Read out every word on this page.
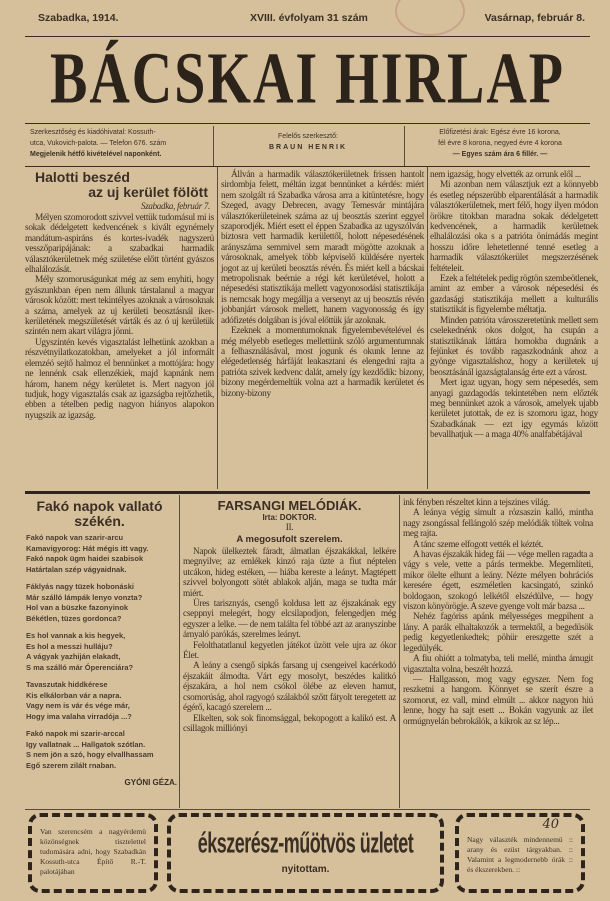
Szabadka, 1914.	XVIII. évfolyam 31 szám	Vasárnap, február 8.
BÁCSKAI HIRLAP
Szerkesztőség és kiadóhivatal: Kossuth-
utca, Vukovich-palota. — Telefon 676. szám
Megjelenik hétfő kivételével naponként.
Felelős szerkesztő:
BRAUN HENRIK
Előfizetési árak: Egész évre 16 korona,
fél évre 8 korona, negyed évre 4 korona
— Egyes szám ára 6 fillér. —
Halotti beszéd
az uj kerület fölött
Szabadka, február 7.

Mélyen szomorodott szivvel vettük tudomásul mi is sokak dédelgetett kedvencének s kivált egynémely mandátum-aspiráns és kortes-ivadék nagyszerü vesszőparipájának: a szabadkai harmadik választókerületnek még születése előtt történt gyászos elhalálozását.

Mély szomoruságunkat még az sem enyhiti, hogy gyászunkban épen nem állunk társtalanul a magyar városok között: mert tekintélyes azoknak a városoknak a száma, amelyek az uj kerületi beosztásnál iker-kerületének megszületését várták és az ó uj kerületük szintén nem akart világra jönni.

Ugyszintén kevés vigasztalást lelhetünk azokban a részvétnyilatkozatokban, amelyeket a jól informált elemzéó sejtő halmoz el bennünket a mottójára: hogy ne lennénk csak ellenzékiek, majd kapnánk nem három, hanem négy kerületet is. Mert nagyon jól tudjuk, hogy vigasztalás csak az igazságba rejtőzhetik, ebben a tételben pedig nagyon hiányos alapokon nyugszik az igazság.

Állván a harmadik választókerületnek frissen hantolt sirdombja felett, méltán izgat bennünket a kérdés: miért nem szolgált rá Szabadka városa arra a kitüntetésre, hogy Szeged, avagy Debrecen, avagy Temesvár mintájára választókerületeinek száma az uj beosztás szerint eggyel szaporodjék. Miért esett el éppen Szabadka az ugyszólván biztosra vett harmadik kerülettől, holott népesedésének arányszáma semmivel sem maradt mögötte azoknak a városoknak, amelyek több képviselő küldésére nyertek jogot az uj kerületi beosztás révén. És miért kell a bácskai metropolisnak beérnie a régi két kerületével, holott a népesedési statisztikája mellett vagyonosodási statisztikája is nemcsak hogy megállja a versenyt az uj beosztás révén jobbanjárt városok mellett, hanem vagyonosság és így adófizetés dolgában is jóval előttük jár azoknak.

Ezeknek a momentumoknak figyelembevételével és még mélyebb esetleges mellettünk szóló argumentumnak a felhasználásával, most jogunk és okunk lenne az elégedetlenség hárfáját leakasztani és elengedni rajta a patrióta szivek kedvenc dalát, amely így kezdődik: bizony, bizony megérdemeltük volna azt a harmadik kerületet és bizony-bizony

nem igazság, hogy elvették az orrunk elől ...

Mi azonban nem választjuk ezt a könnyebb és esetleg népszerübb elparentálását a harmadik választókerületnek, mert félő, hogy ilyen módon örökre titokban maradna sokak dédelgetett kedvencének, a harmadik kerületnek elhalálozási oka s a patrióta önimádás megint hosszu időre lehetetlenné tenné esetleg a harmadik választókerület megszerzésének feltételeit.

Ezek a feltételek pedig rögtön szembeötlenek, amint az ember a városok népesedési és gazdasági statisztikája mellett a kulturális statisztikát is figyelembe méltatja.

Minden patrióta városszeretetünk mellett sem cselekednénk okos dolgot, ha csupán a statisztikának láttára homokba dugnánk a fejünket és tovább ragaszkodnánk ahoz a gyönge vigasztaláshoz, hogy a kerületek uj beosztásánál igazságtalanság érte ezt a várost.

Mert igaz ugyan, hogy sem népesedés, sem anyagi gazdagodás tekintetében nem előzték meg bennünket azok a városok, amelyek ujabb kerületet jutottak, de ez is szomoru igaz, hogy Szabadkának — ezt igy egymás között bevallhatjuk — a maga 40% analfabétájával

Fakó napok vallató székén.
Fakó napok van szarir-arcu
Kamavigyorog: Hát mégis itt vagy.
Fakó napok ügm haidei szabisok
Határtalan szép vágyaidnak.
Fáklyás nagy tüzek hobonáski
Már szálló lámpák lenyo vonzta?
Hol van a büszke fazonyinok
Békétlen, tüzes gordonca?
Es hol vannak a kis hegyek,
Es hol a messzi hulláju?
A vágyak yazhiján elakadt,
S ma szálló már Óperenciára?
Tavaszutak hiddkérese
Kis elkálorban vár a napra.
Vagy nem is vár és vége már,
Hogy ima valaha virradója ...?
Fakó napok mi szarir-arccal
Igy vallatnak ... Hallgatok szótlan.
S nem jön a szó, hogy elvallhassam
Egő szerem zilált rnaban.
GYÓNI GÉZA.
FARSANGI MELÓDIÁK.
Irta: DOKTOR.
II.
A megosufolt szerelem.

Napok ülelkeztek fáradt, álmatlan éjszakákkal, lelkére megnyilve; az emlékek kinzó raja üzte a fiut néptelen utcákon, hideg estéken, — hiába kereste a leányt. Magtépett szivvel bolyongott sötét ablakok alján, maga se tudta már miért.

Üres tarisznyás, csengő koldusa lett az éjszakának egy cseppnyi melegért, hogy elcsilapodjon, felengedjen még egyszer a lelke. — de nem találta fel többé azt az aranyszinbe árnyaló parókás, szerelmes leányt.

Felolthatatlanul kegyetlen játékot üzött vele ujra az ókor Élet.

A leány a csengő sipkás farsang uj csengeivel kacérkodó éjszakáit álmodta. Várt egy mosolyt, beszédes kalitkó éjszakára, a hol nem csókol ölébe az eleven hamut, csomorúság, ahol ragyogó szálakból szőtt fátyolt teregetett az égérő, kacagó szerelem ...

Elkelten, sok sok finomsággal, bekopogott a kalikó est. A csillagok milliónyi

ink fényben részeltet kinn a tejszines világ.

A leánya végig simult a rózsaszin kalló, mintha nagy zsongással fellángoló szép melódiák töltek volna meg rajta.

A tánc szeme elfogott vették el kéztét.

A havas éjszakák hideg fái — vége mellen ragadta a vágy s vele, vette a párás termekbe. Megemlíteti, mikor ölelte elhunt a leány. Nézte mélyen bohrációs keresére égett, eszméletlen kacsingató, szinkó boldogaon, szokogó lelkétől elszédülve, — hogy viszon könyörögje. A szeve gyenge volt már bazsa ...

Nehéz fagóriss apánk mélyességes megpihent a lány. A parák elhaltakozók a termektől, a begedüsök pedig kegyetlenkedtek; pöhür ereszgette szét a legedülyék.

A fiu ohiótt a tolmatyba, teli mellé, mintha ámugit vigasztalta volna, beszélt hozzá.

— Hallgasson, mog vagy egyszer. Nem fog reszketni a hangom. Könnyet se szerít észre a szomorut, ez vall, mind elmúlt ... akkor nagyon hiú lenne, hogy ha sajt esett ... Bokán vagyunk az ilet ormúgnyelán bebrokálók, a kikrok az sz lép...

Van szerencsém a nagyérdemü közönségnek tisztelettel tudomására adni, hogy Szabadkán Kossuth-utca Építő R.-T. palotájában
ékszerész-műötvös üzletet
nyitottam.
40
Nagy választék mindennemü :: arany és ezüst tárgyakban. :: Valamint a legmodernebb órák :: és ékszerekben. ::
